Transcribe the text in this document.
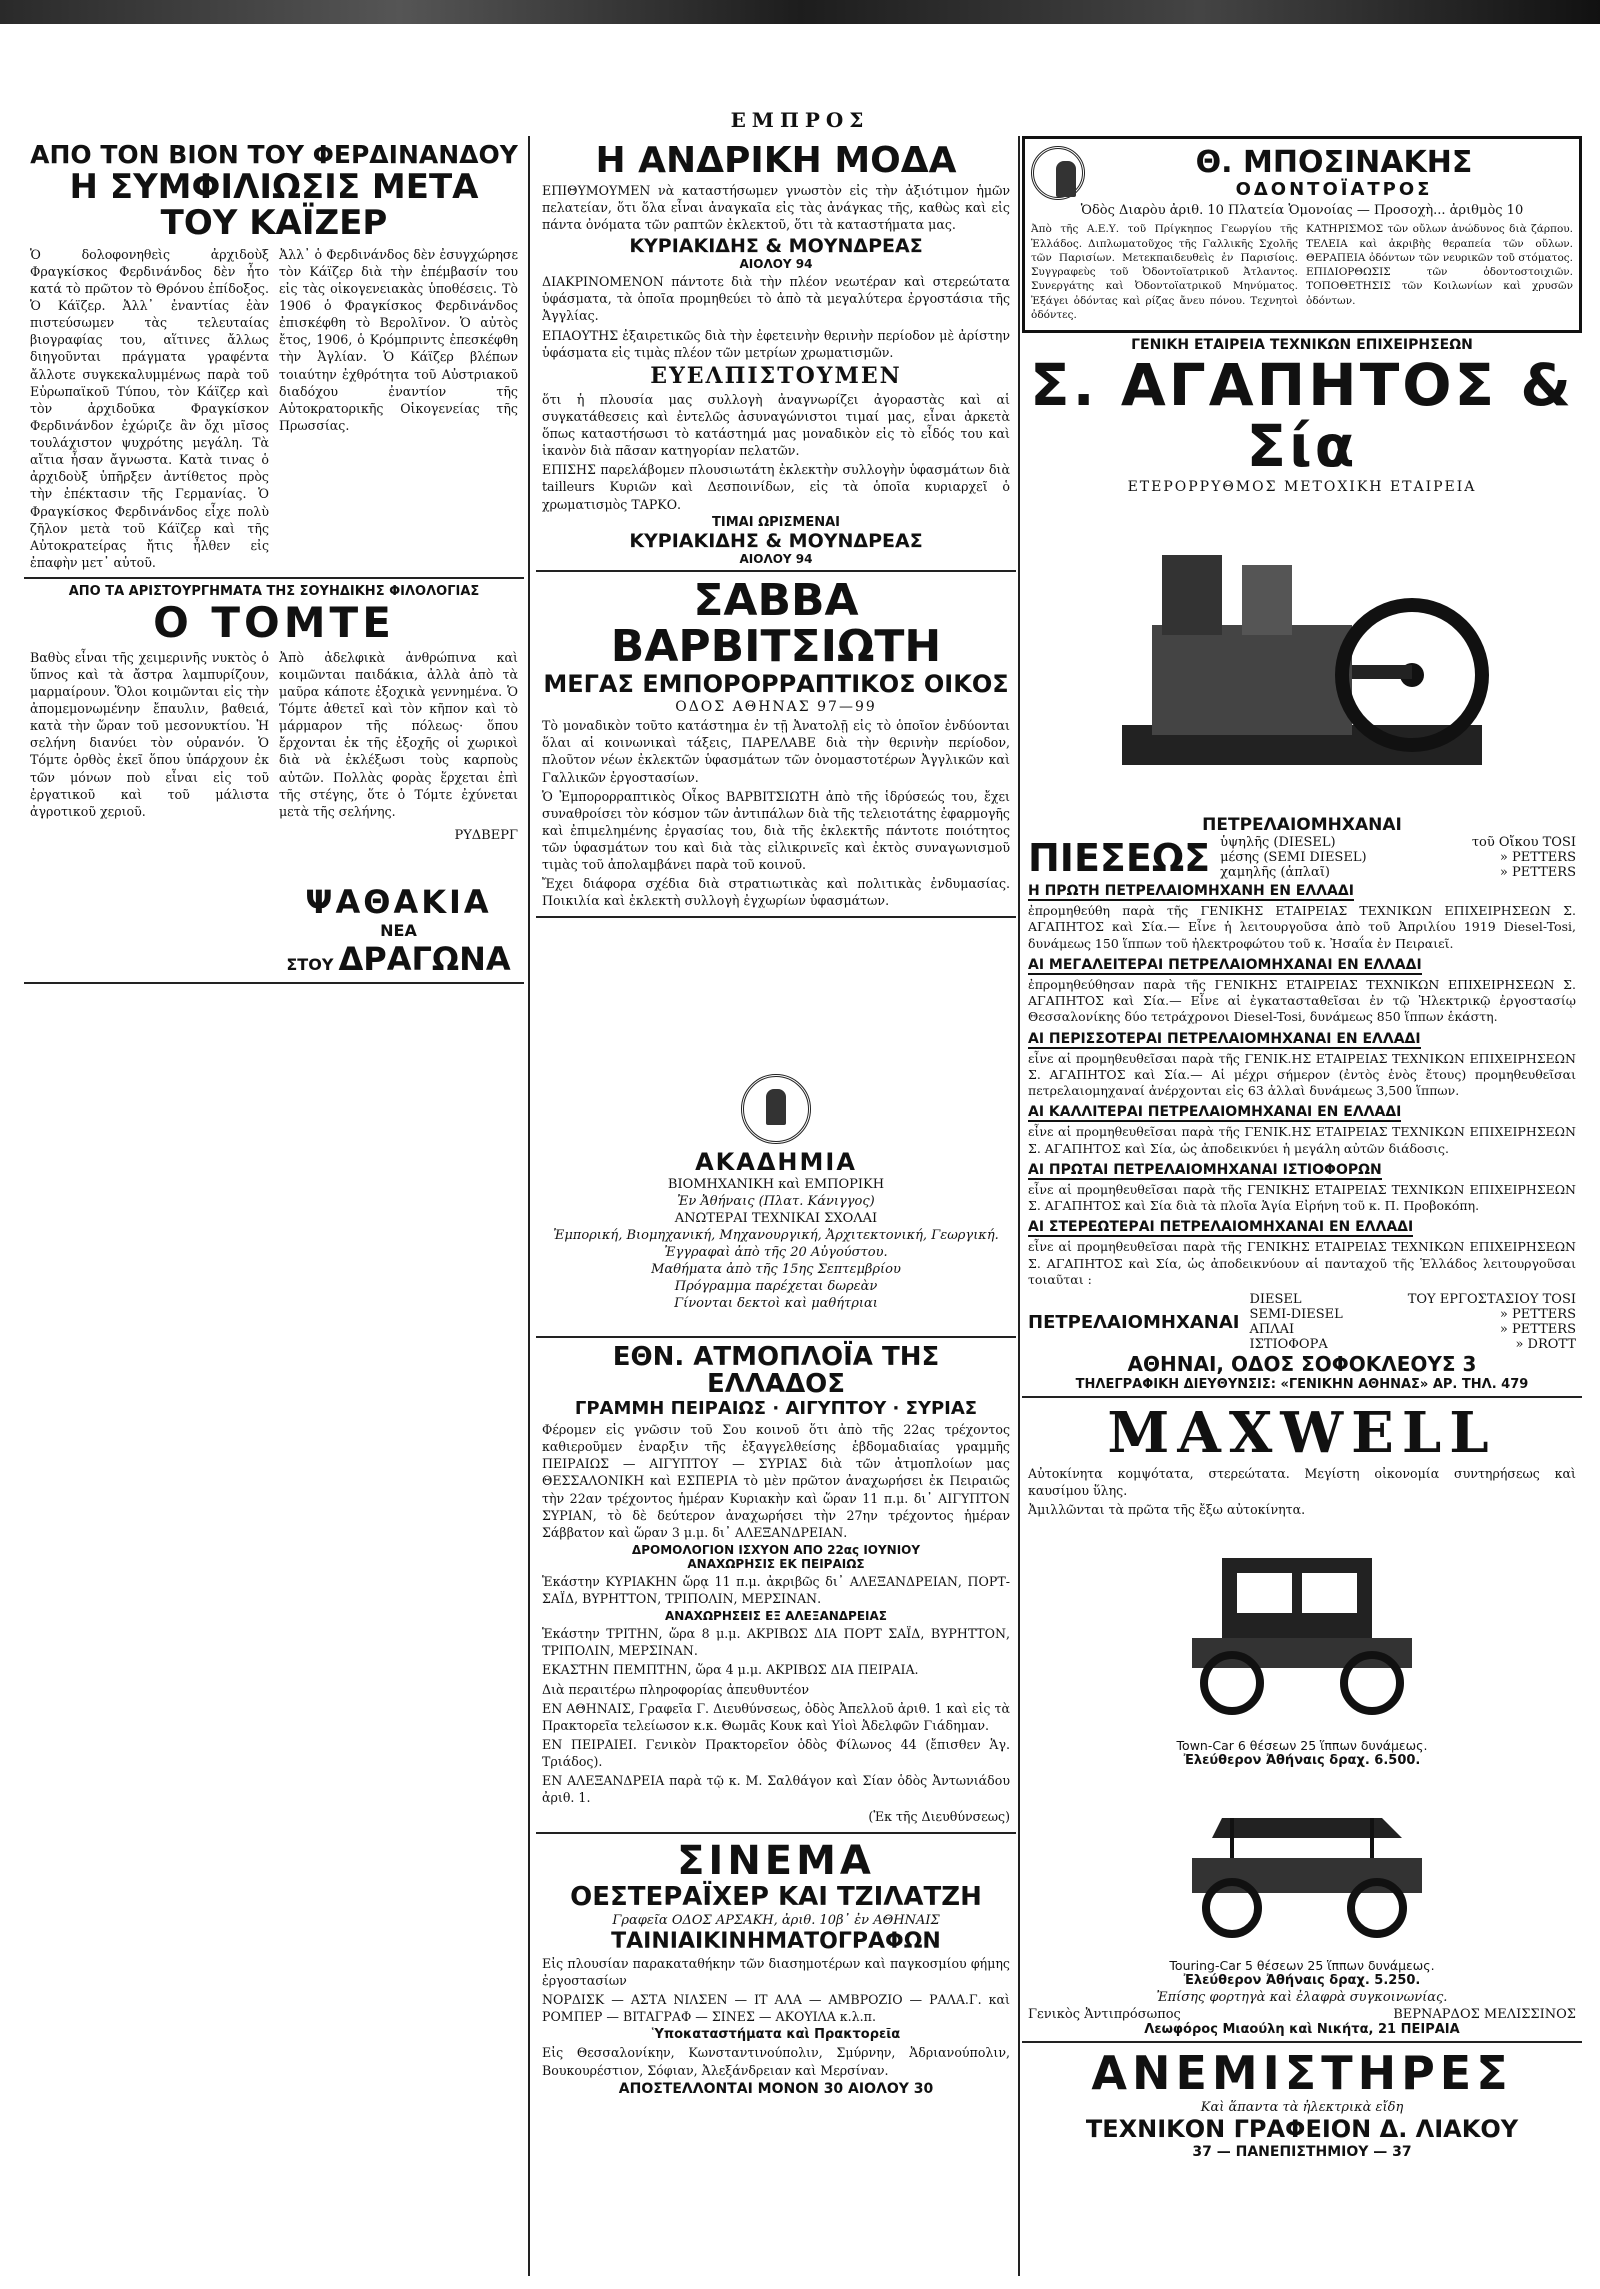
ΕΜΠΡΟΣ
ΑΠΟ ΤΟΝ ΒΙΟΝ ΤΟΥ ΦΕΡΔΙΝΑΝΔΟΥ
Η ΣΥΜΦΙΛΙΩΣΙΣ ΜΕΤΑ ΤΟΥ ΚΑΪΖΕΡ
Ὁ δολοφονηθεὶς ἀρχιδοὺξ Φραγκίσκος Φερδινάνδος δὲν ἦτο κατά τὸ πρῶτον τὸ Θρόνου ἐπίδοξος. Ὁ Κάϊζερ. Ἀλλ᾽ ἐναντίας ἐὰν πιστεύσωμεν τὰς τελευταίας βιογραφίας του, αἵτινες ἄλλως διηγοῦνται πράγματα γραφέντα ἄλλοτε συγκεκαλυμμένως παρὰ τοῦ Εὐρωπαϊκοῦ Τύπου, τὸν Κάϊζερ καὶ τὸν ἀρχιδοῦκα Φραγκίσκον Φερδινάνδον ἐχώριζε ἂν ὄχι μῖσος τουλάχιστον ψυχρότης μεγάλη. Τὰ αἴτια ἦσαν ἄγνωστα. Κατὰ τινας ὁ ἀρχιδοὺξ ὑπῆρξεν ἀντίθετος πρὸς τὴν ἐπέκτασιν τῆς Γερμανίας. Ὁ Φραγκίσκος Φερδινάνδος εἶχε πολὺ ζῆλον μετὰ τοῦ Κάϊζερ καὶ τῆς Αὐτοκρατείρας ἤτις ἦλθεν εἰς ἐπαφὴν μετ᾽ αὐτοῦ.
Ἀλλ᾽ ὁ Φερδινάνδος δὲν ἐσυγχώρησε τὸν Κάϊζερ διὰ τὴν ἐπέμβασίν του εἰς τὰς οἰκογενειακὰς ὑποθέσεις. Τὸ 1906 ὁ Φραγκίσκος Φερδινάνδος ἐπισκέφθη τὸ Βερολῖνον. Ὁ αὐτὸς ἔτος, 1906, ὁ Κρόμπριντς ἐπεσκέφθη τὴν Ἀγλίαν. Ὁ Κάϊζερ βλέπων τοιαύτην ἐχθρότητα τοῦ Αὐστριακοῦ διαδόχου ἐναντίον τῆς Αὐτοκρατορικῆς Οἰκογενείας τῆς Πρωσσίας.
ΑΠΟ ΤΑ ΑΡΙΣΤΟΥΡΓΗΜΑΤΑ ΤΗΣ ΣΟΥΗΔΙΚΗΣ ΦΙΛΟΛΟΓΙΑΣ
Ο ΤΟΜΤΕ
Βαθὺς εἶναι τῆς χειμερινῆς νυκτὸς ὁ ὕπνος καὶ τὰ ἄστρα λαμπυρίζουν, μαρμαίρουν. Ὅλοι κοιμῶνται εἰς τὴν ἀπομεμονωμένην ἔπαυλιν, βαθειά, κατὰ τὴν ὥραν τοῦ μεσονυκτίου. Ἡ σελήνη διανύει τὸν οὐρανόν. Ὁ Τόμτε ὀρθὸς ἐκεῖ ὅπου ὑπάρχουν ἐκ τῶν μόνων ποὺ εἶναι εἰς τοῦ ἐργατικοῦ καὶ τοῦ μάλιστα ἀγροτικοῦ χεριοῦ.
Ἀπὸ ἀδελφικὰ ἀνθρώπινα καὶ κοιμῶνται παιδάκια, ἀλλὰ ἀπὸ τὰ μαῦρα κάποτε ἐξοχικὰ γεννημένα. Ὁ Τόμτε ἀθετεῖ καὶ τὸν κῆπον καὶ τὸ μάρμαρον τῆς πόλεως· ὅπου ἔρχονται ἐκ τῆς ἐξοχῆς οἱ χωρικοὶ διὰ νὰ ἐκλέξωσι τοὺς καρποὺς αὐτῶν. Πολλὰς φορὰς ἕρχεται ἐπὶ τῆς στέγης, ὅτε ὁ Τόμτε ἐχύνεται μετὰ τῆς σελήνης.
ΡΥΔΒΕΡΓ
ΨΑΘΑΚΙΑ
ΝΕΑ
ΣΤΟΥ ΔΡΑΓΩΝΑ
Η ΑΝΔΡΙΚΗ ΜΟΔΑ
ΕΠΙΘΥΜΟΥΜΕΝ νὰ καταστήσωμεν γνωστὸν εἰς τὴν ἀξιότιμον ἡμῶν πελατείαν, ὅτι ὅλα εἶναι ἀναγκαῖα εἰς τὰς ἀνάγκας τῆς, καθὼς καὶ εἰς πάντα ὀνόματα τῶν ραπτῶν ἐκλεκτοῦ, ὅτι τὰ καταστήματα μας.
ΚΥΡΙΑΚΙΔΗΣ & ΜΟΥΝΔΡΕΑΣ
ΑΙΟΛΟΥ 94
ΔΙΑΚΡΙΝΟΜΕΝΟΝ πάντοτε διὰ τὴν πλέον νεωτέραν καὶ στερεώτατα ὑφάσματα, τὰ ὁποῖα προμηθεύει τὸ ἀπὸ τὰ μεγαλύτερα ἐργοστάσια τῆς Ἀγγλίας.
ΕΠΑΟΥΤΗΣ ἐξαιρετικῶς διὰ τὴν ἐφετεινὴν θερινὴν περίοδον μὲ ἀρίστην ὑφάσματα εἰς τιμὰς πλέον τῶν μετρίων χρωματισμῶν.
ΕΥΕΛΠΙΣΤΟΥΜΕΝ
ὅτι ἡ πλουσία μας συλλογὴ ἀναγνωρίζει ἀγοραστὰς καὶ αἱ συγκατάθεσεις καὶ ἐντελῶς ἀσυναγώνιστοι τιμαί μας, εἶναι ἀρκετὰ ὅπως καταστήσωσι τὸ κατάστημά μας μοναδικὸν εἰς τὸ εἶδός του καὶ ἱκανὸν διὰ πᾶσαν κατηγορίαν πελατῶν.
ΕΠΙΣΗΣ παρελάβομεν πλουσιωτάτη ἐκλεκτὴν συλλογὴν ὑφασμάτων διὰ tailleurs Κυριῶν καὶ Δεσποινίδων, εἰς τὰ ὁποῖα κυριαρχεῖ ὁ χρωματισμὸς ΤΑΡΚΟ.
ΤΙΜΑΙ ΩΡΙΣΜΕΝΑΙ
ΚΥΡΙΑΚΙΔΗΣ & ΜΟΥΝΔΡΕΑΣ
ΑΙΟΛΟΥ 94
ΣΑΒΒΑ ΒΑΡΒΙΤΣΙΩΤΗ
ΜΕΓΑΣ ΕΜΠΟΡΟΡΡΑΠΤΙΚΟΣ ΟΙΚΟΣ
ΟΔΟΣ ΑΘΗΝΑΣ 97—99
Τὸ μοναδικὸν τοῦτο κατάστημα ἐν τῇ Ἀνατολῇ εἰς τὸ ὁποῖον ἐνδύονται ὅλαι αἱ κοινωνικαὶ τάξεις, ΠΑΡΕΛΑΒΕ διὰ τὴν θερινὴν περίοδον, πλοῦτον νέων ἐκλεκτῶν ὑφασμάτων τῶν ὀνομαστοτέρων Ἀγγλικῶν καὶ Γαλλικῶν ἐργοστασίων.
Ὁ Ἐμπορορραπτικὸς Οἶκος ΒΑΡΒΙΤΣΙΩΤΗ ἀπὸ τῆς ἱδρύσεώς του, ἔχει συναθροίσει τὸν κόσμον τῶν ἀντιπάλων διὰ τῆς τελειοτάτης ἐφαρμογῆς καὶ ἐπιμελημένης ἐργασίας του, διὰ τῆς ἐκλεκτῆς πάντοτε ποιότητος τῶν ὑφασμάτων του καὶ διὰ τὰς εἰλικρινεῖς καὶ ἐκτὸς συναγωνισμοῦ τιμὰς τοῦ ἀπολαμβάνει παρὰ τοῦ κοινοῦ.
Ἔχει διάφορα σχέδια διὰ στρατιωτικὰς καὶ πολιτικὰς ἐνδυμασίας. Ποικιλία καὶ ἐκλεκτὴ συλλογὴ ἐγχωρίων ὑφασμάτων.
ΑΚΑΔΗΜΙΑ
ΒΙΟΜΗΧΑΝΙΚΗ καὶ ΕΜΠΟΡΙΚΗ
Ἐν Ἀθήναις (Πλατ. Κάνιγγος)
ΑΝΩΤΕΡΑΙ ΤΕΧΝΙΚΑΙ ΣΧΟΛΑΙ
Ἐμπορική, Βιομηχανική, Μηχανουργική, Ἀρχιτεκτονική, Γεωργική.
Ἐγγραφαὶ ἀπὸ τῆς 20 Αὐγούστου.
Μαθήματα ἀπὸ τῆς 15ης Σεπτεμβρίου
Πρόγραμμα παρέχεται δωρεὰν
Γίνονται δεκτοὶ καὶ μαθήτριαι
ΕΘΝ. ΑΤΜΟΠΛΟΪΑ ΤΗΣ ΕΛΛΑΔΟΣ
ΓΡΑΜΜΗ ΠΕΙΡΑΙΩΣ · ΑΙΓΥΠΤΟΥ · ΣΥΡΙΑΣ
Φέρομεν εἰς γνῶσιν τοῦ Σου κοινοῦ ὅτι ἀπὸ τῆς 22ας τρέχοντος καθιεροῦμεν ἐναρξιν τῆς ἐξαγγελθείσης ἑβδομαδιαίας γραμμῆς ΠΕΙΡΑΙΩΣ — ΑΙΓΥΠΤΟΥ — ΣΥΡΙΑΣ διὰ τῶν ἀτμοπλοίων μας ΘΕΣΣΑΛΟΝΙΚΗ καὶ ΕΣΠΕΡΙΑ τὸ μὲν πρῶτον ἀναχωρήσει ἐκ Πειραιῶς τὴν 22αν τρέχοντος ἡμέραν Κυριακὴν καὶ ὥραν 11 π.μ. δι᾽ ΑΙΓΥΠΤΟΝ ΣΥΡΙΑΝ, τὸ δὲ δεύτερον ἀναχωρήσει τὴν 27ην τρέχοντος ἡμέραν Σάββατον καὶ ὥραν 3 μ.μ. δι᾽ ΑΛΕΞΑΝΔΡΕΙΑΝ.
ΔΡΟΜΟΛΟΓΙΟΝ ΙΣΧΥΟΝ ΑΠΟ 22ας ΙΟΥΝΙΟΥ
ΑΝΑΧΩΡΗΣΙΣ ΕΚ ΠΕΙΡΑΙΩΣ
Ἑκάστην ΚΥΡΙΑΚΗΝ ὥρᾳ 11 π.μ. ἀκριβῶς δι᾽ ΑΛΕΞΑΝΔΡΕΙΑΝ, ΠΟΡΤ-ΣΑΪΔ, ΒΥΡΗΤΤΟΝ, ΤΡΙΠΟΛΙΝ, ΜΕΡΣΙΝΑΝ.
ΑΝΑΧΩΡΗΣΕΙΣ ΕΞ ΑΛΕΞΑΝΔΡΕΙΑΣ
Ἑκάστην ΤΡΙΤΗΝ, ὥρα 8 μ.μ. ΑΚΡΙΒΩΣ ΔΙΑ ΠΟΡΤ ΣΑΪΔ, ΒΥΡΗΤΤΟΝ, ΤΡΙΠΟΛΙΝ, ΜΕΡΣΙΝΑΝ.
ΕΚΑΣΤΗΝ ΠΕΜΠΤΗΝ, ὥρα 4 μ.μ. ΑΚΡΙΒΩΣ ΔΙΑ ΠΕΙΡΑΙΑ.
Διὰ περαιτέρω πληροφορίας ἀπευθυντέον
ΕΝ ΑΘΗΝΑΙΣ, Γραφεῖα Γ. Διευθύνσεως, ὁδὸς Ἀπελλοῦ ἀριθ. 1 καὶ εἰς τὰ Πρακτορεῖα τελείωσον κ.κ. Θωμᾶς Κουκ καὶ Υἱοὶ Ἀδελφῶν Γιάδημαν.
ΕΝ ΠΕΙΡΑΙΕΙ. Γενικὸν Πρακτορεῖον ὁδὸς Φίλωνος 44 (ἔπισθεν Ἁγ. Τριάδος).
ΕΝ ΑΛΕΞΑΝΔΡΕΙΑ παρὰ τῷ κ. Μ. Σαλθάγον καὶ Σίαν ὁδὸς Ἀντωνιάδου ἀριθ. 1.
(Ἐκ τῆς Διευθύνσεως)
ΣΙΝΕΜΑ
ΟΕΣΤΕΡΑΪΧΕΡ ΚΑΙ ΤΖΙΛΑΤΖΗ
Γραφεῖα ΟΔΟΣ ΑΡΣΑΚΗ, ἀριθ. 10β᾽ ἐν ΑΘΗΝΑΙΣ
ΤΑΙΝΙΑΙΚΙΝΗΜΑΤΟΓΡΑΦΩΝ
Εἰς πλουσίαν παρακαταθήκην τῶν διασημοτέρων καὶ παγκοσμίου φήμης ἐργοστασίων
ΝΟΡΔΙΣΚ — ΑΣΤΑ ΝΙΛΣΕΝ — ΙΤ ΑΛΑ — ΑΜΒΡΟΖΙΟ — ΡΑΛΑ.Γ. καὶ ΡΟΜΠΕΡ — ΒΙΤΑΓΡΑΦ — ΣΙΝΕΣ — ΑΚΟΥΙΛΑ κ.λ.π.
Ὑποκαταστήματα καὶ Πρακτορεῖα
Εἰς Θεσσαλονίκην, Κωνσταντινούπολιν, Σμύρνην, Ἀδριανούπολιν, Βουκουρέστιον, Σόφιαν, Ἀλεξάνδρειαν καὶ Μερσίναν.
ΑΠΟΣΤΕΛΛΟΝΤΑΙ ΜΟΝΟΝ 30 ΑΙΟΛΟΥ 30
Θ. ΜΠΟΣΙΝΑΚΗΣ
ΟΔΟΝΤΟΪΑΤΡΟΣ
Ὁδὸς Διαρὸυ ἀριθ. 10 Πλατεία Ὁμονοίας — Προσοχὴ... ἀριθμὸς 10
Ἀπὸ τῆς Α.Ε.Υ. τοῦ Πρίγκηπος Γεωργίου τῆς Ἑλλάδος. Διπλωματοῦχος τῆς Γαλλικῆς Σχολῆς τῶν Παρισίων. Μετεκπαιδευθεὶς ἐν Παρισίοις. Συγγραφεὺς τοῦ Ὀδοντοϊατρικοῦ Ἀτλαντος. Συνεργάτης καὶ Ὀδοντοϊατρικοῦ Μηνύματος. Ἐξάγει ὀδόντας καὶ ρίζας ἄνευ πόνου. Τεχνητοὶ ὀδόντες.
ΚΑΤΗΡΙΣΜΟΣ τῶν οὔλων ἀνώδυνος διὰ ζάρπου. ΤΕΛΕΙΑ καὶ ἀκριβὴς θεραπεία τῶν οὔλων. ΘΕΡΑΠΕΙΑ ὀδόντων τῶν νευρικῶν τοῦ στόματος. ΕΠΙΔΙΟΡΘΩΣΙΣ τῶν ὀδοντοστοιχιῶν. ΤΟΠΟΘΕΤΗΣΙΣ τῶν Κοιλωνίων καὶ χρυσῶν ὀδόντων.
ΓΕΝΙΚΗ ΕΤΑΙΡΕΙΑ ΤΕΧΝΙΚΩΝ ΕΠΙΧΕΙΡΗΣΕΩΝ
Σ. ΑΓΑΠΗΤΟΣ & Σία
ΕΤΕΡΟΡΡΥΘΜΟΣ ΜΕΤΟΧΙΚΗ ΕΤΑΙΡΕΙΑ
ΠΕΤΡΕΛΑΙΟΜΗΧΑΝΑΙ
ΠΙΕΣΕΩΣ ὑψηλῆς (DIESEL)	τοῦ Οἴκου TOSI
μέσης (SEMI DIESEL)	» PETTERS
χαμηλῆς (ἁπλαῖ)	» PETTERS
Η ΠΡΩΤΗ ΠΕΤΡΕΛΑΙΟΜΗΧΑΝΗ ΕΝ ΕΛΛΑΔΙ
ἐπρομηθεύθη παρὰ τῆς ΓΕΝΙΚΗΣ ΕΤΑΙΡΕΙΑΣ ΤΕΧΝΙΚΩΝ ΕΠΙΧΕΙΡΗΣΕΩΝ Σ. ΑΓΑΠΗΤΟΣ καὶ Σία.— Εἶνε ἡ λειτουργοῦσα ἀπὸ τοῦ Ἀπριλίου 1919 Diesel-Tosi, δυνάμεως 150 ἵππων τοῦ ἠλεκτροφώτου τοῦ κ. Ἠσαΐα ἐν Πειραιεῖ.
ΑΙ ΜΕΓΑΛΕΙΤΕΡΑΙ ΠΕΤΡΕΛΑΙΟΜΗΧΑΝΑΙ ΕΝ ΕΛΛΑΔΙ
ἐπρομηθεύθησαν παρὰ τῆς ΓΕΝΙΚΗΣ ΕΤΑΙΡΕΙΑΣ ΤΕΧΝΙΚΩΝ ΕΠΙΧΕΙΡΗΣΕΩΝ Σ. ΑΓΑΠΗΤΟΣ καὶ Σία.— Εἶνε αἱ ἐγκατασταθεῖσαι ἐν τῷ Ἠλεκτρικῷ ἐργοστασίῳ Θεσσαλονίκης δύο τετράχρονοι Diesel-Tosi, δυνάμεως 850 ἵππων ἑκάστη.
ΑΙ ΠΕΡΙΣΣΟΤΕΡΑΙ ΠΕΤΡΕΛΑΙΟΜΗΧΑΝΑΙ ΕΝ ΕΛΛΑΔΙ
εἶνε αἱ προμηθευθεῖσαι παρὰ τῆς ΓΕΝΙΚ.ΗΣ ΕΤΑΙΡΕΙΑΣ ΤΕΧΝΙΚΩΝ ΕΠΙΧΕΙΡΗΣΕΩΝ Σ. ΑΓΑΠΗΤΟΣ καὶ Σία.— Αἱ μέχρι σήμερον (ἐντὸς ἑνὸς ἔτους) προμηθευθεῖσαι πετρελαιομηχαναί ἀνέρχονται εἰς 63 ἀλλαὶ δυνάμεως 3,500 ἵππων.
ΑΙ ΚΑΛΛΙΤΕΡΑΙ ΠΕΤΡΕΛΑΙΟΜΗΧΑΝΑΙ ΕΝ ΕΛΛΑΔΙ
εἶνε αἱ προμηθευθεῖσαι παρὰ τῆς ΓΕΝΙΚ.ΗΣ ΕΤΑΙΡΕΙΑΣ ΤΕΧΝΙΚΩΝ ΕΠΙΧΕΙΡΗΣΕΩΝ Σ. ΑΓΑΠΗΤΟΣ καὶ Σία, ὡς ἀποδεικνύει ἡ μεγάλη αὐτῶν διάδοσις.
ΑΙ ΠΡΩΤΑΙ ΠΕΤΡΕΛΑΙΟΜΗΧΑΝΑΙ ΙΣΤΙΟΦΟΡΩΝ
εἶνε αἱ προμηθευθεῖσαι παρὰ τῆς ΓΕΝΙΚΗΣ ΕΤΑΙΡΕΙΑΣ ΤΕΧΝΙΚΩΝ ΕΠΙΧΕΙΡΗΣΕΩΝ Σ. ΑΓΑΠΗΤΟΣ καὶ Σία διὰ τὰ πλοῖα Ἁγία Εἰρήνη τοῦ κ. Π. Προβοκόπη.
ΑΙ ΣΤΕΡΕΩΤΕΡΑΙ ΠΕΤΡΕΛΑΙΟΜΗΧΑΝΑΙ ΕΝ ΕΛΛΑΔΙ
εἶνε αἱ προμηθευθεῖσαι παρὰ τῆς ΓΕΝΙΚΗΣ ΕΤΑΙΡΕΙΑΣ ΤΕΧΝΙΚΩΝ ΕΠΙΧΕΙΡΗΣΕΩΝ Σ. ΑΓΑΠΗΤΟΣ καὶ Σία, ὡς ἀποδεικνύουν αἱ πανταχοῦ τῆς Ἑλλάδος λειτουργοῦσαι τοιαῦται :
ΠΕΤΡΕΛΑΙΟΜΗΧΑΝΑΙ
DIESEL	ΤΟΥ ΕΡΓΟΣΤΑΣΙΟΥ TOSI
SEMI-DIESEL	» PETTERS
ΑΠΛΑΙ	» PETTERS
ΙΣΤΙΟΦΟΡΑ	» DROTT
ΑΘΗΝΑΙ, ΟΔΟΣ ΣΟΦΟΚΛΕΟΥΣ 3
ΤΗΛΕΓΡΑΦΙΚΗ ΔΙΕΥΘΥΝΣΙΣ: «ΓΕΝΙΚΗΝ ΑΘΗΝΑΣ» ΑΡ. ΤΗΛ. 479
MAXWELL
Αὐτοκίνητα κομψότατα, στερεώτατα. Μεγίστη οἰκονομία συντηρήσεως καὶ καυσίμου ὕλης.
Ἀμιλλῶνται τὰ πρῶτα τῆς ἔξω αὐτοκίνητα.
Town-Car 6 θέσεων 25 ἵππων δυνάμεως.
Ἐλεύθερον Ἀθήναις δραχ. 6.500.
Touring-Car 5 θέσεων 25 ἵππων δυνάμεως.
Ἐλεύθερον Ἀθήναις δραχ. 5.250.
Ἐπίσης φορτηγὰ καὶ ἐλαφρὰ συγκοινωνίας.
Γενικὸς Ἀντιπρόσωπος	ΒΕΡΝΑΡΔΟΣ ΜΕΛΙΣΣΙΝΟΣ
Λεωφόρος Μιαούλη καὶ Νικήτα, 21 ΠΕΙΡΑΙΑ
ΑΝΕΜΙΣΤΗΡΕΣ
Καὶ ἅπαντα τὰ ἠλεκτρικὰ εἴδη
ΤΕΧΝΙΚΟΝ ΓΡΑΦΕΙΟΝ Δ. ΛΙΑΚΟΥ
37 — ΠΑΝΕΠΙΣΤΗΜΙΟΥ — 37
